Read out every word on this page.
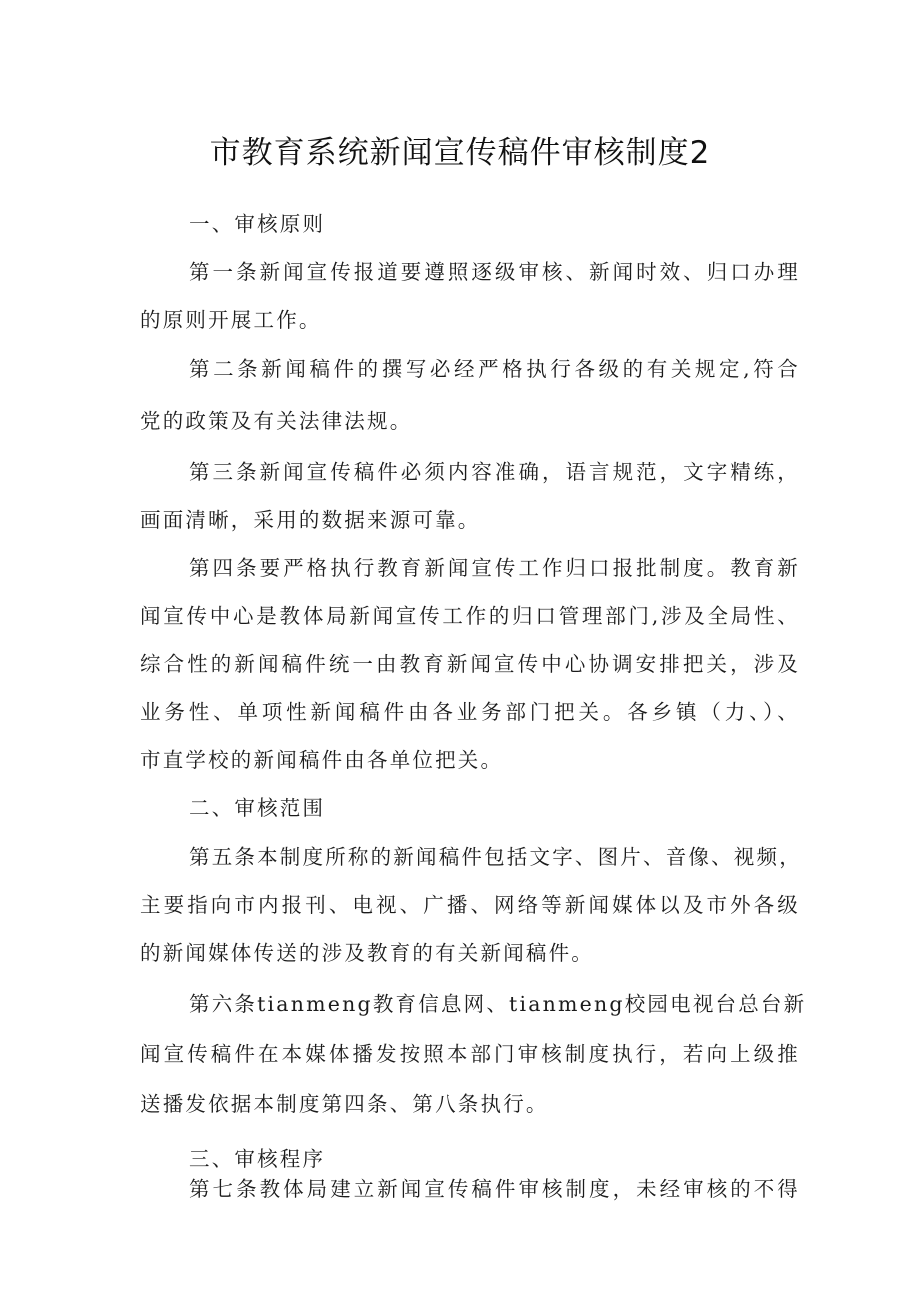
市教育系统新闻宣传稿件审核制度2
一、审核原则
第一条新闻宣传报道要遵照逐级审核、新闻时效、归口办理
的原则开展工作。
第二条新闻稿件的撰写必经严格执行各级的有关规定,符合
党的政策及有关法律法规。
第三条新闻宣传稿件必须内容准确，语言规范，文字精练，
画面清晰，采用的数据来源可靠。
第四条要严格执行教育新闻宣传工作归口报批制度。教育新
闻宣传中心是教体局新闻宣传工作的归口管理部门,涉及全局性、
综合性的新闻稿件统一由教育新闻宣传中心协调安排把关，涉及
业务性、单项性新闻稿件由各业务部门把关。各乡镇（力、）、
市直学校的新闻稿件由各单位把关。
二、审核范围
第五条本制度所称的新闻稿件包括文字、图片、音像、视频，
主要指向市内报刊、电视、广播、网络等新闻媒体以及市外各级
的新闻媒体传送的涉及教育的有关新闻稿件。
第六条tianmeng教育信息网、tianmeng校园电视台总台新
闻宣传稿件在本媒体播发按照本部门审核制度执行，若向上级推
送播发依据本制度第四条、第八条执行。
三、审核程序
第七条教体局建立新闻宣传稿件审核制度，未经审核的不得
